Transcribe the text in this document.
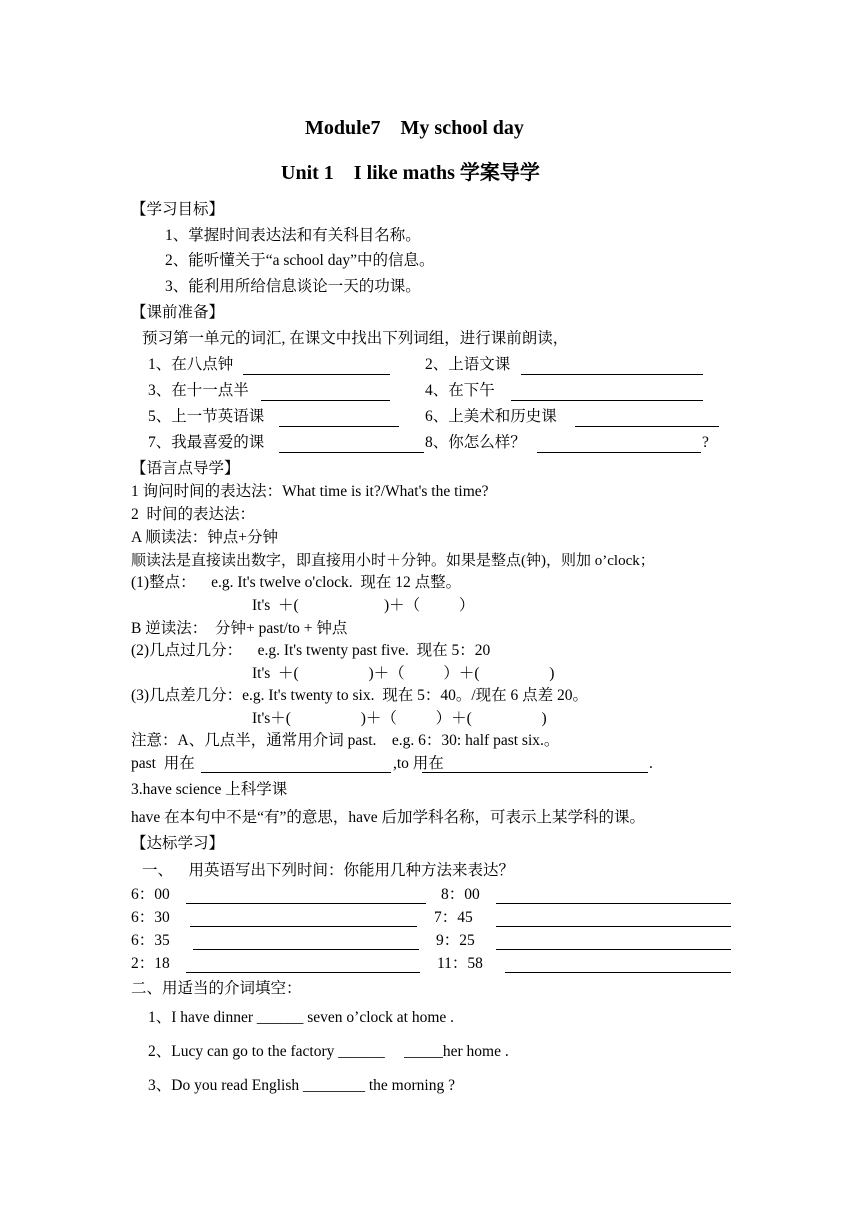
Module7    My school day
Unit 1    I like maths 学案导学
【学习目标】
1、掌握时间表达法和有关科目名称。
2、能听懂关于“a school day”中的信息。
3、能利用所给信息谈论一天的功课。
【课前准备】
预习第一单元的词汇, 在课文中找出下列词组，进行课前朗读，
1、在八点钟	2、上语文课
3、在十一点半	4、在下午
5、上一节英语课	6、上美术和历史课
7、我最喜爱的课	8、你怎么样？	?
【语言点导学】
1 询问时间的表达法：What time is it?/What's the time?
2  时间的表达法：
A 顺读法：钟点+分钟
顺读法是直接读出数字，即直接用小时＋分钟。如果是整点(钟)，则加 o’clock；
(1)整点：    e.g. It's twelve o'clock.  现在 12 点整。
It's  ＋(                      )＋（          ）
B 逆读法：  分钟+ past/to + 钟点
(2)几点过几分：    e.g. It's twenty past five.  现在 5：20
It's  ＋(                  )＋（          ）＋(                  )
(3)几点差几分：e.g. It's twenty to six.  现在 5：40。/现在 6 点差 20。
It's＋(                  )＋（          ）＋(                  )
注意：A、几点半，通常用介词 past.    e.g. 6：30: half past six.。
past  用在	,to 用在	.
3.have science 上科学课
have 在本句中不是“有”的意思，have 后加学科名称，可表示上某学科的课。
【达标学习】
一、    用英语写出下列时间：你能用几种方法来表达？
6：00	8：00
6：30	7：45
6：35	9：25
2：18	11：58
二、用适当的介词填空：
1、I have dinner ______ seven o’clock at home .
2、Lucy can go to the factory ______     _____her home .
3、Do you read English ________ the morning ?
